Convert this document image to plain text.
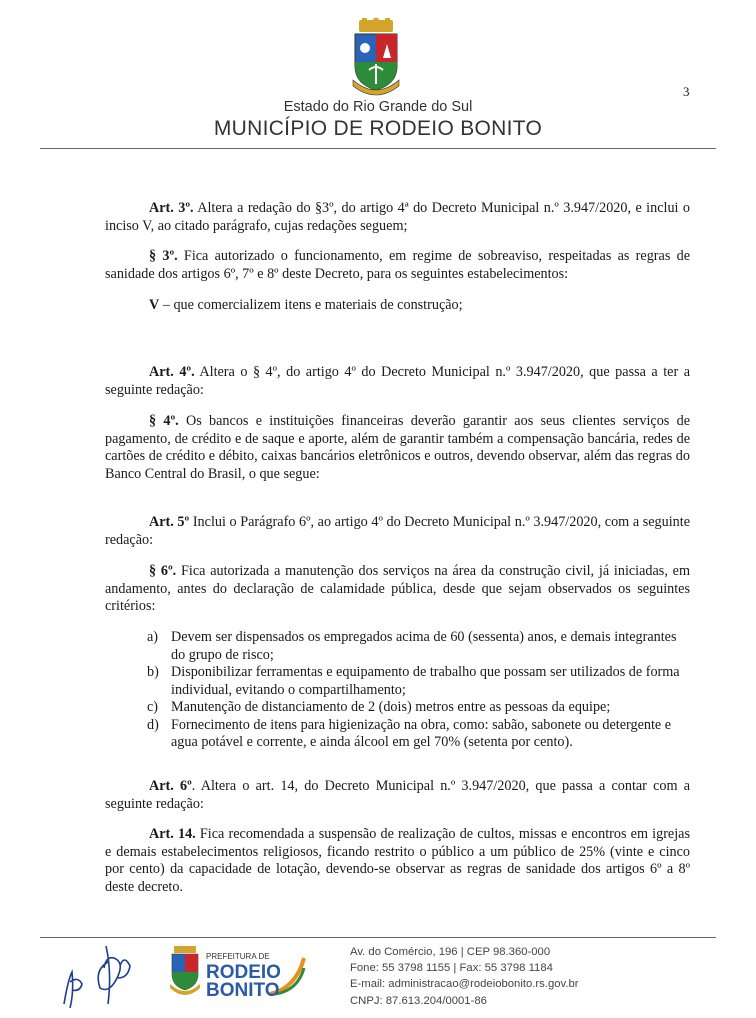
3
Estado do Rio Grande do Sul
MUNICÍPIO DE RODEIO BONITO

Art. 3º. Altera a redação do §3º, do artigo 4ª do Decreto Municipal n.º 3.947/2020, e inclui o inciso V, ao citado parágrafo, cujas redações seguem;

§ 3º. Fica autorizado o funcionamento, em regime de sobreaviso, respeitadas as regras de sanidade dos artigos 6º, 7º e 8º deste Decreto, para os seguintes estabelecimentos:

V – que comercializem itens e materiais de construção;

Art. 4º. Altera o § 4º, do artigo 4º do Decreto Municipal n.º 3.947/2020, que passa a ter a seguinte redação:

§ 4º. Os bancos e instituições financeiras deverão garantir aos seus clientes serviços de pagamento, de crédito e de saque e aporte, além de garantir também a compensação bancária, redes de cartões de crédito e débito, caixas bancários eletrônicos e outros, devendo observar, além das regras do Banco Central do Brasil, o que segue:

Art. 5º Inclui o Parágrafo 6º, ao artigo 4º do Decreto Municipal n.º 3.947/2020, com a seguinte redação:

§ 6º. Fica autorizada a manutenção dos serviços na área da construção civil, já iniciadas, em andamento, antes do declaração de calamidade pública, desde que sejam observados os seguintes critérios:

a) Devem ser dispensados os empregados acima de 60 (sessenta) anos, e demais integrantes do grupo de risco;
b) Disponibilizar ferramentas e equipamento de trabalho que possam ser utilizados de forma individual, evitando o compartilhamento;
c) Manutenção de distanciamento de 2 (dois) metros entre as pessoas da equipe;
d) Fornecimento de itens para higienização na obra, como: sabão, sabonete ou detergente e agua potável e corrente, e ainda álcool em gel 70% (setenta por cento).

Art. 6º. Altera o art. 14, do Decreto Municipal n.º 3.947/2020, que passa a contar com a seguinte redação:

Art. 14. Fica recomendada a suspensão de realização de cultos, missas e encontros em igrejas e demais estabelecimentos religiosos, ficando restrito o público a um público de 25% (vinte e cinco por cento) da capacidade de lotação, devendo-se observar as regras de sanidade dos artigos 6º a 8º deste decreto.

PREFEITURA DE
RODEIO
BONITO
Av. do Comércio, 196 | CEP 98.360-000
Fone: 55 3798 1155 | Fax: 55 3798 1184
E-mail: administracao@rodeiobonito.rs.gov.br
CNPJ: 87.613.204/0001-86
